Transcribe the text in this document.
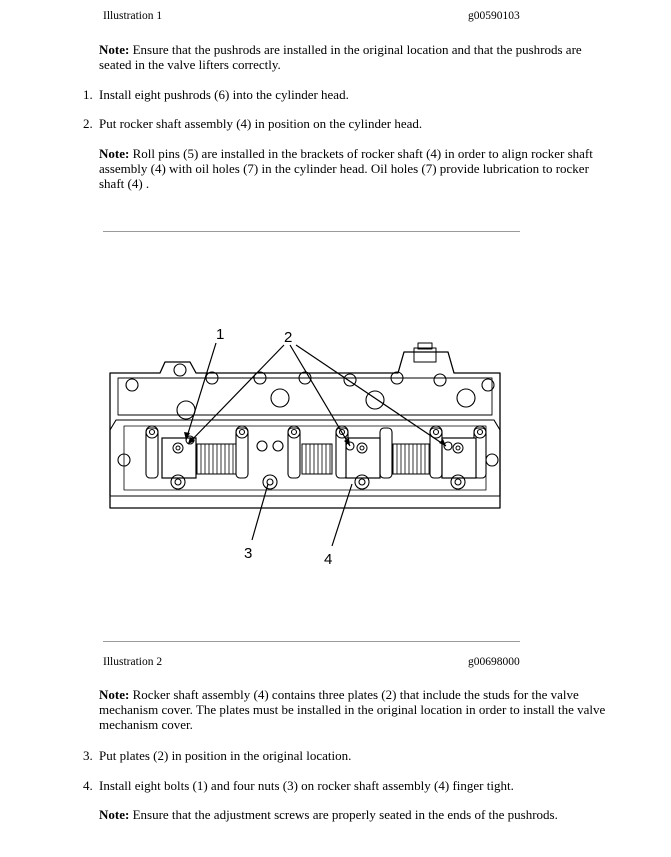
Illustration 1	g00590103
Note: Ensure that the pushrods are installed in the original location and that the pushrods are seated in the valve lifters correctly.
1. Install eight pushrods (6) into the cylinder head.
2. Put rocker shaft assembly (4) in position on the cylinder head.
Note: Roll pins (5) are installed in the brackets of rocker shaft (4) in order to align rocker shaft assembly (4) with oil holes (7) in the cylinder head. Oil holes (7) provide lubrication to rocker shaft (4) .
1	2
3	4
Illustration 2	g00698000
Note: Rocker shaft assembly (4) contains three plates (2) that include the studs for the valve mechanism cover. The plates must be installed in the original location in order to install the valve mechanism cover.
3. Put plates (2) in position in the original location.
4. Install eight bolts (1) and four nuts (3) on rocker shaft assembly (4) finger tight.
Note: Ensure that the adjustment screws are properly seated in the ends of the pushrods.
